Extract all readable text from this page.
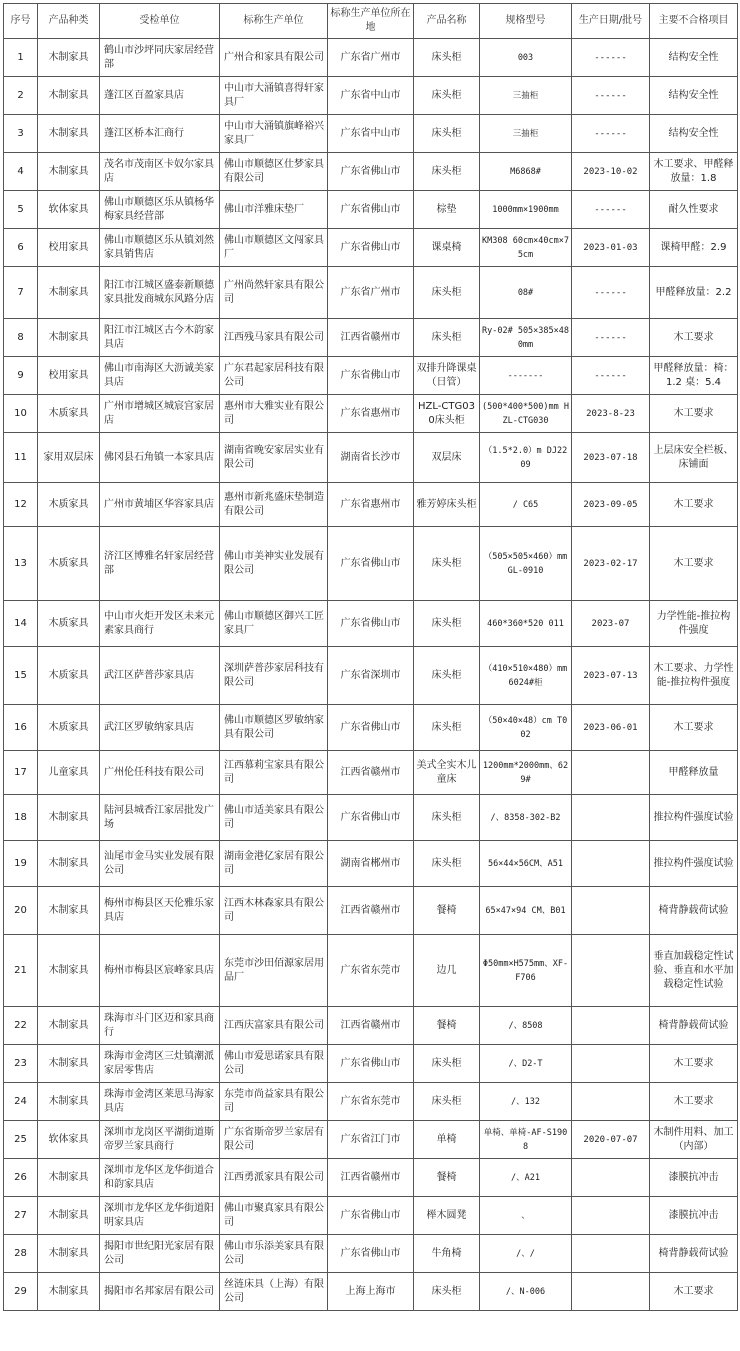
序号	产品种类	受检单位	标称生产单位	标称生产单位所在地	产品名称	规格型号	生产日期/批号	主要不合格项目
1	木制家具	鹤山市沙坪同庆家居经营部	广州合和家具有限公司	广东省广州市	床头柜	003	------	结构安全性
2	木制家具	蓬江区百盈家具店	中山市大涌镇喜得轩家具厂	广东省中山市	床头柜	三抽柜	------	结构安全性
3	木制家具	蓬江区桥本汇商行	中山市大涌镇旗峰裕兴家具厂	广东省中山市	床头柜	三抽柜	------	结构安全性
4	木制家具	茂名市茂南区卡奴尔家具店	佛山市顺德区仕梦家具有限公司	广东省佛山市	床头柜	M6868#	2023-10-02	木工要求、甲醛释放量：1.8
5	软体家具	佛山市顺德区乐从镇杨华梅家具经营部	佛山市洋雅床垫厂	广东省佛山市	棕垫	1000mm×1900mm	------	耐久性要求
6	校用家具	佛山市顺德区乐从镇刘然家具销售店	佛山市顺德区文闯家具厂	广东省佛山市	课桌椅	KM308 60cm×40cm×75cm	2023-01-03	课椅甲醛：2.9
7	木制家具	阳江市江城区盛泰新顺德家具批发商城东风路分店	广州尚然轩家具有限公司	广东省广州市	床头柜	08#	------	甲醛释放量：2.2
8	木制家具	阳江市江城区古今木韵家具店	江西残马家具有限公司	江西省赣州市	床头柜	Ry-02# 505×385×480mm	------	木工要求
9	校用家具	佛山市南海区大沥诚美家具店	广东君起家居科技有限公司	广东省佛山市	双排升降课桌（日管）	-------	------	甲醛释放量：椅：1.2 桌：5.4
10	木质家具	广州市增城区城宸宫家居店	惠州市大雅实业有限公司	广东省惠州市	HZL-CTG030床头柜	(500*400*500)mm HZL-CTG030	2023-8-23	木工要求
11	家用双层床	佛冈县石角镇一本家具店	湖南省晚安家居实业有限公司	湖南省长沙市	双层床	（1.5*2.0）m DJ2209	2023-07-18	上层床安全栏板、床铺面
12	木质家具	广州市黄埔区华容家具店	惠州市新兆盛床垫制造有限公司	广东省惠州市	雅芳婷床头柜	/ C65	2023-09-05	木工要求
13	木质家具	济江区博雅名轩家居经营部	佛山市美神实业发展有限公司	广东省佛山市	床头柜	（505×505×460）mm GL-0910	2023-02-17	木工要求
14	木质家具	中山市火炬开发区未来元素家具商行	佛山市顺德区御兴工匠家具厂	广东省佛山市	床头柜	460*360*520 011	2023-07	力学性能-推拉构件强度
15	木质家具	武江区萨普莎家具店	深圳萨普莎家居科技有限公司	广东省深圳市	床头柜	（410×510×480）mm 6024#柜	2023-07-13	木工要求、力学性能-推拉构件强度
16	木质家具	武江区罗敏纳家具店	佛山市顺德区罗敏纳家具有限公司	广东省佛山市	床头柜	（50×40×48）cm T002	2023-06-01	木工要求
17	儿童家具	广州伦任科技有限公司	江西慕莉宝家具有限公司	江西省赣州市	美式全实木儿童床	1200mm*2000mm、629#		甲醛释放量
18	木制家具	陆河县城香江家居批发广场	佛山市适美家具有限公司	广东省佛山市	床头柜	/、8358-302-B2		推拉构件强度试验
19	木制家具	汕尾市金马实业发展有限公司	湖南金港亿家居有限公司	湖南省郴州市	床头柜	56×44×56CM、A51		推拉构件强度试验
20	木制家具	梅州市梅县区天伦雅乐家具店	江西木林森家具有限公司	江西省赣州市	餐椅	65×47×94 CM、B01		椅背静载荷试验
21	木制家具	梅州市梅县区宸峰家具店	东莞市沙田佰源家居用品厂	广东省东莞市	边几	Φ50mm×H575mm、XF-F706		垂直加载稳定性试验、垂直和水平加载稳定性试验
22	木制家具	珠海市斗门区迈和家具商行	江西庆富家具有限公司	江西省赣州市	餐椅	/、8508		椅背静载荷试验
23	木制家具	珠海市金湾区三灶镇潮派家居零售店	佛山市爱思诺家具有限公司	广东省佛山市	床头柜	/、D2-T		木工要求
24	木制家具	珠海市金湾区莱思马海家具店	东莞市尚益家具有限公司	广东省东莞市	床头柜	/、132		木工要求
25	软体家具	深圳市龙岗区平湖街道斯帝罗兰家具商行	广东省斯帝罗兰家居有限公司	广东省江门市	单椅	单椅、单椅-AF-S1908	2020-07-07	木制件用料、加工（内部）
26	木制家具	深圳市龙华区龙华街道合和韵家具店	江西勇派家具有限公司	江西省赣州市	餐椅	/、A21		漆膜抗冲击
27	木制家具	深圳市龙华区龙华街道阳明家具店	佛山市聚真家具有限公司	广东省佛山市	榉木圆凳	、		漆膜抗冲击
28	木制家具	揭阳市世纪阳光家居有限公司	佛山市乐添美家具有限公司	广东省佛山市	牛角椅	/、/		椅背静载荷试验
29	木制家具	揭阳市名邦家居有限公司	丝涟床具（上海）有限公司	上海上海市	床头柜	/、N-006		木工要求
